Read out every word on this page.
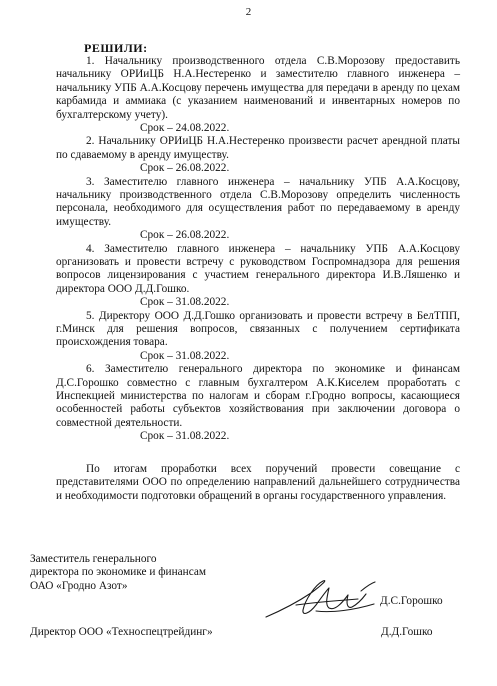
2
РЕШИЛИ:

1. Начальнику производственного отдела С.В.Морозову предоставить начальнику ОРИиЦБ Н.А.Нестеренко и заместителю главного инженера – начальнику УПБ А.А.Косцову перечень имущества для передачи в аренду по цехам карбамида и аммиака (с указанием наименований и инвентарных номеров по бухгалтерскому учету).

Срок – 24.08.2022.

2. Начальнику ОРИиЦБ Н.А.Нестеренко произвести расчет арендной платы по сдаваемому в аренду имуществу.

Срок – 26.08.2022.

3. Заместителю главного инженера – начальнику УПБ А.А.Косцову, начальнику производственного отдела С.В.Морозову определить численность персонала, необходимого для осуществления работ по передаваемому в аренду имуществу.

Срок – 26.08.2022.

4. Заместителю главного инженера – начальнику УПБ А.А.Косцову организовать и провести встречу с руководством Госпромнадзора для решения вопросов лицензирования с участием генерального директора И.В.Ляшенко и директора ООО Д.Д.Гошко.

Срок – 31.08.2022.

5. Директору ООО Д.Д.Гошко организовать и провести встречу в БелТПП, г.Минск для решения вопросов, связанных с получением сертификата происхождения товара.

Срок – 31.08.2022.

6. Заместителю генерального директора по экономике и финансам Д.С.Горошко совместно с главным бухгалтером А.К.Киселем проработать с Инспекцией министерства по налогам и сборам г.Гродно вопросы, касающиеся особенностей работы субъектов хозяйствования при заключении договора о совместной деятельности.

Срок – 31.08.2022.

По итогам проработки всех поручений провести совещание с представителями ООО по определению направлений дальнейшего сотрудничества и необходимости подготовки обращений в органы государственного управления.

Заместитель генерального
директора по экономике и финансам
ОАО «Гродно Азот»
Д.С.Горошко
Директор ООО «Техноспецтрейдинг»	Д.Д.Гошко
